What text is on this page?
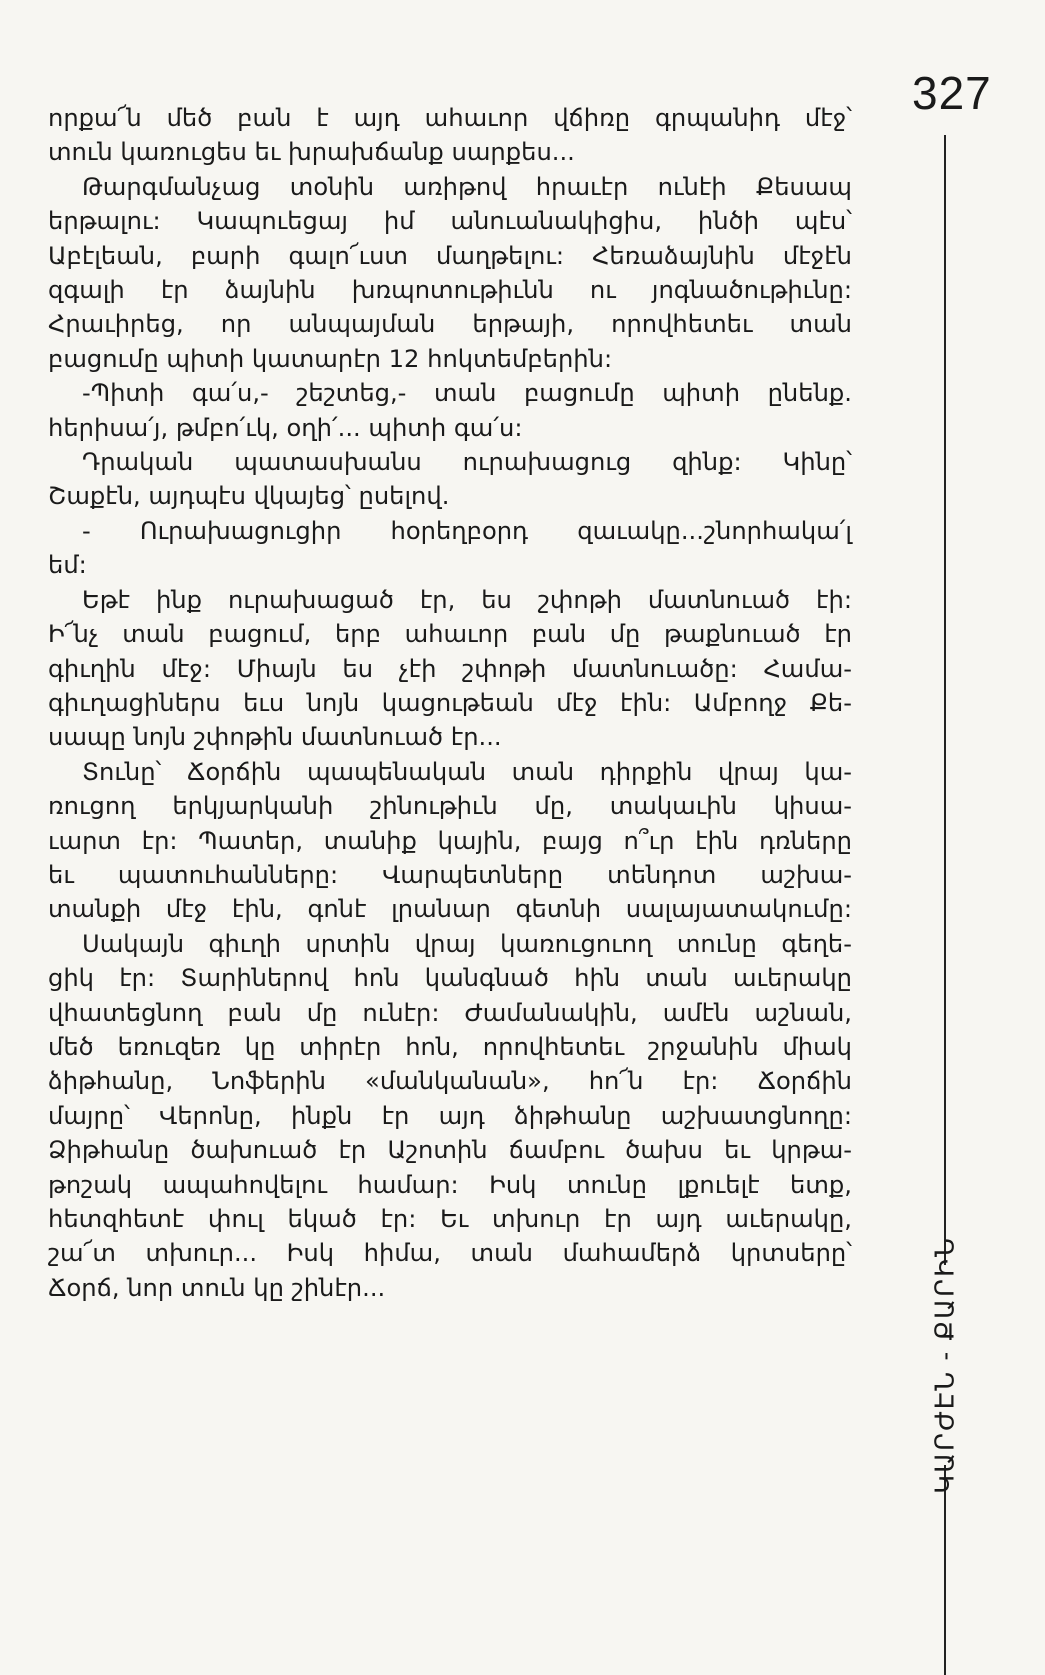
327
ԿԱՐԺԷՆ - ՔԱՐԻՆ
որքա՜ն մեծ բան է այդ ահաւոր վճիռը գրպանիդ մէջ՝
տուն կառուցես եւ խրախճանք սարքես...
Թարգմանչաց տօնին առիթով հրաւէր ունէի Քեսապ
երթալու: Կապուեցայ իմ անուանակիցիս, ինծի պէս՝
Աբէլեան, բարի գալո՜ւստ մաղթելու: Հեռաձայնին մէջէն
զգալի էր ձայնին խռպոտութիւնն ու յոգնածութիւնը:
Հրաւիրեց, որ անպայման երթայի, որովհետեւ տան
բացումը պիտի կատարէր 12 հոկտեմբերին:
-Պիտի գա՛ս,- շեշտեց,- տան բացումը պիտի ընենք.
հերիսա՛յ, թմբո՛ւկ, օղի՛... պիտի գա՛ս:
Դրական պատասխանս ուրախացուց զինք: Կինը՝
Շաքէն, այդպէս վկայեց՝ ըսելով.
- Ուրախացուցիր հօրեղբօրդ զաւակը...շնորհակա՛լ
եմ:
Եթէ ինք ուրախացած էր, ես շփոթի մատնուած էի:
Ի՜նչ տան բացում, երբ ահաւոր բան մը թաքնուած էր
գիւղին մէջ: Միայն ես չէի շփոթի մատնուածը: Համա-
գիւղացիներս եւս նոյն կացութեան մէջ էին: Ամբողջ Քե-
սապը նոյն շփոթին մատնուած էր...
Տունը՝ Ճօրճին պապենական տան դիրքին վրայ կա-
ռուցող երկյարկանի շինութիւն մը, տակաւին կիսա-
ւարտ էր: Պատեր, տանիք կային, բայց ո՞ւր էին դռները
եւ պատուհանները: Վարպետները տենդոտ աշխա-
տանքի մէջ էին, գոնէ լրանար գետնի սալայատակումը:
Սակայն գիւղի սրտին վրայ կառուցուող տունը գեղե-
ցիկ էր: Տարիներով հոն կանգնած հին տան աւերակը
վհատեցնող բան մը ունէր: Ժամանակին, ամէն աշնան,
մեծ եռուզեռ կը տիրէր հոն, որովհետեւ շրջանին միակ
ձիթհանը, Նոֆերին «մանկանան», հո՜ն էր: Ճօրճին
մայրը՝ Վերոնը, ինքն էր այդ ձիթհանը աշխատցնողը:
Ձիթհանը ծախուած էր Աշոտին ճամբու ծախս եւ կրթա-
թոշակ ապահովելու համար: Իսկ տունը լքուելէ ետք,
հետզհետէ փուլ եկած էր: Եւ տխուր էր այդ աւերակը,
շա՜տ տխուր... Իսկ հիմա, տան մահամերձ կրտսերը՝
Ճօրճ, նոր տուն կը շինէր...
